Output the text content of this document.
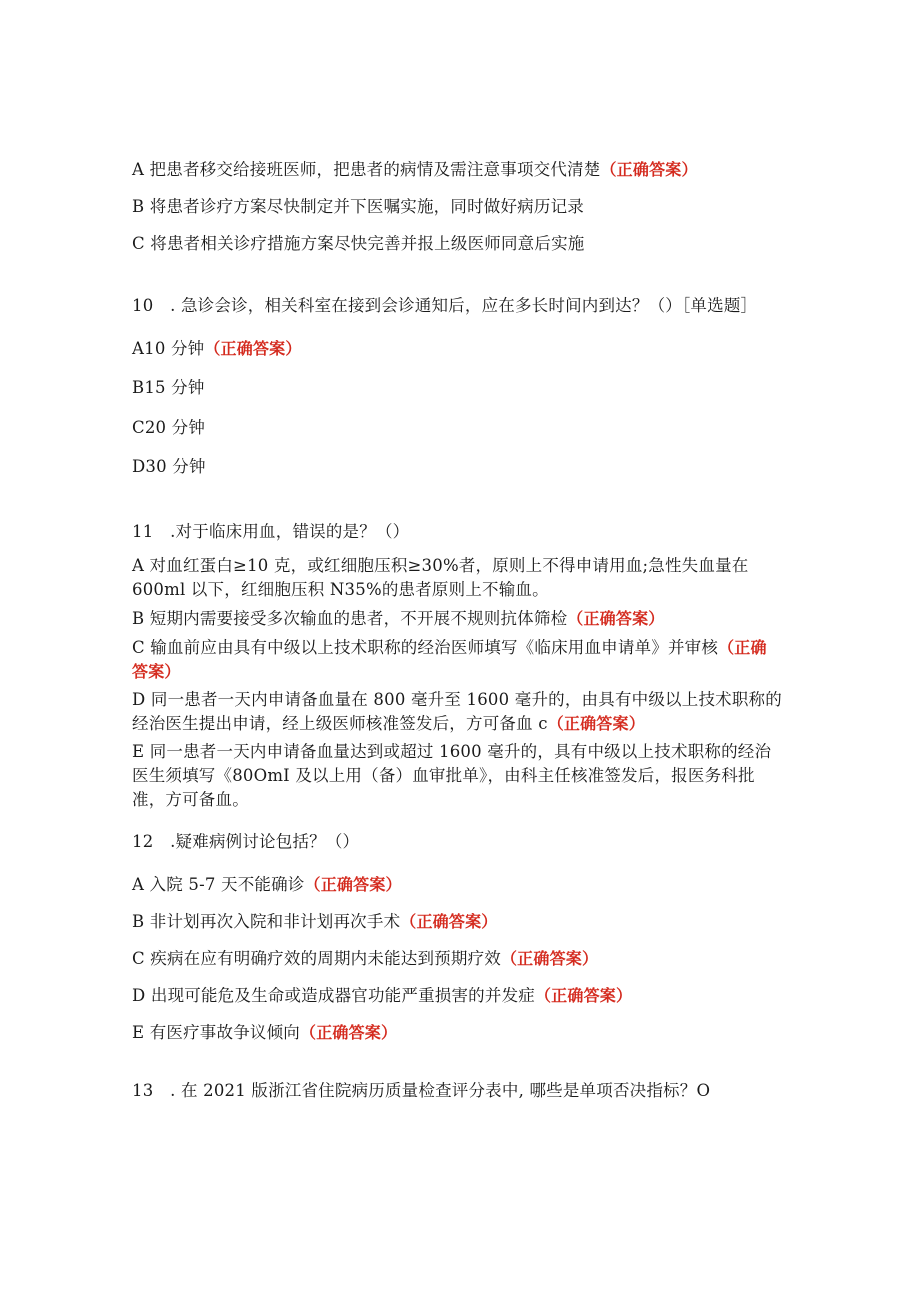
A 把患者移交给接班医师，把患者的病情及需注意事项交代清楚（正确答案）
B 将患者诊疗方案尽快制定并下医嘱实施，同时做好病历记录
C 将患者相关诊疗措施方案尽快完善并报上级医师同意后实施
10　. 急诊会诊，相关科室在接到会诊通知后，应在多长时间内到达？（）［单选题］
A10 分钟（正确答案）
B15 分钟
C20 分钟
D30 分钟
11　.对于临床用血，错误的是？（）
A 对血红蛋白≥10 克，或红细胞压积≥30%者，原则上不得申请用血;急性失血量在
600ml 以下，红细胞压积 N35%的患者原则上不输血。
B 短期内需要接受多次输血的患者，不开展不规则抗体筛检（正确答案）
C 输血前应由具有中级以上技术职称的经治医师填写《临床用血申请单》并审核（正确
答案）
D 同一患者一天内申请备血量在 800 毫升至 1600 毫升的，由具有中级以上技术职称的
经治医生提出申请，经上级医师核准签发后，方可备血 c（正确答案）
E 同一患者一天内申请备血量达到或超过 1600 毫升的，具有中级以上技术职称的经治
医生须填写《80OmI 及以上用（备）血审批单》，由科主任核准签发后，报医务科批
准，方可备血。
12　.疑难病例讨论包括？（）
A 入院 5-7 天不能确诊（正确答案）
B 非计划再次入院和非计划再次手术（正确答案）
C 疾病在应有明确疗效的周期内未能达到预期疗效（正确答案）
D 出现可能危及生命或造成器官功能严重损害的并发症（正确答案）
E 有医疗事故争议倾向（正确答案）
13　. 在 2021 版浙江省住院病历质量检查评分表中, 哪些是单项否决指标？O
